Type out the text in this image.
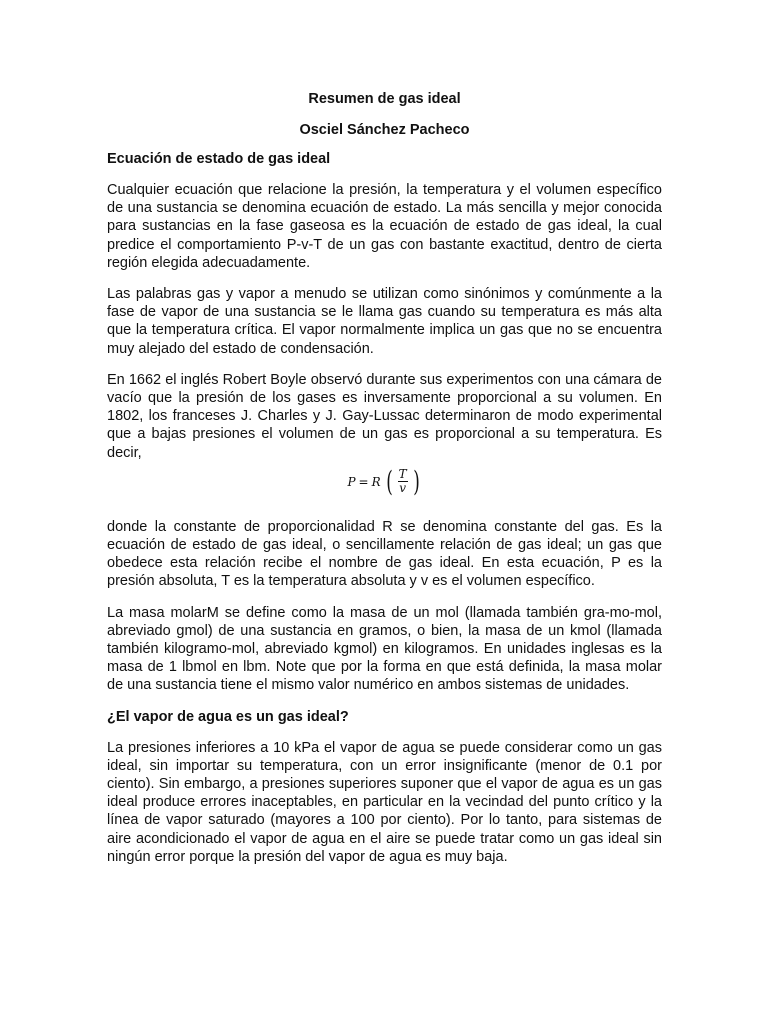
Resumen de gas ideal

Osciel Sánchez Pacheco

Ecuación de estado de gas ideal

Cualquier ecuación que relacione la presión, la temperatura y el volumen específico de una sustancia se denomina ecuación de estado. La más sencilla y mejor conocida para sustancias en la fase gaseosa es la ecuación de estado de gas ideal, la cual predice el comportamiento P-v-T de un gas con bastante exactitud, dentro de cierta región elegida adecuadamente.

Las palabras gas y vapor a menudo se utilizan como sinónimos y comúnmente a la fase de vapor de una sustancia se le llama gas cuando su temperatura es más alta que la temperatura crítica. El vapor normalmente implica un gas que no se encuentra muy alejado del estado de condensación.

En 1662 el inglés Robert Boyle observó durante sus experimentos con una cámara de vacío que la presión de los gases es inversamente proporcional a su volumen. En 1802, los franceses J. Charles y J. Gay-Lussac determinaron de modo experimental que a bajas presiones el volumen de un gas es proporcional a su temperatura. Es decir,

P = R ( $\frac{T}{v}$ )

donde la constante de proporcionalidad R se denomina constante del gas. Es la ecuación de estado de gas ideal, o sencillamente relación de gas ideal; un gas que obedece esta relación recibe el nombre de gas ideal. En esta ecuación, P es la presión absoluta, T es la temperatura absoluta y v es el volumen específico.

La masa molarM se define como la masa de un mol (llamada también gra-mo-mol, abreviado gmol) de una sustancia en gramos, o bien, la masa de un kmol (llamada también kilogramo-mol, abreviado kgmol) en kilogramos. En unidades inglesas es la masa de 1 lbmol en lbm. Note que por la forma en que está definida, la masa molar de una sustancia tiene el mismo valor numérico en ambos sistemas de unidades.

¿El vapor de agua es un gas ideal?

La presiones inferiores a 10 kPa el vapor de agua se puede considerar como un gas ideal, sin importar su temperatura, con un error insignificante (menor de 0.1 por ciento). Sin embargo, a presiones superiores suponer que el vapor de agua es un gas ideal produce errores inaceptables, en particular en la vecindad del punto crítico y la línea de vapor saturado (mayores a 100 por ciento). Por lo tanto, para sistemas de aire acondicionado el vapor de agua en el aire se puede tratar como un gas ideal sin ningún error porque la presión del vapor de agua es muy baja.
